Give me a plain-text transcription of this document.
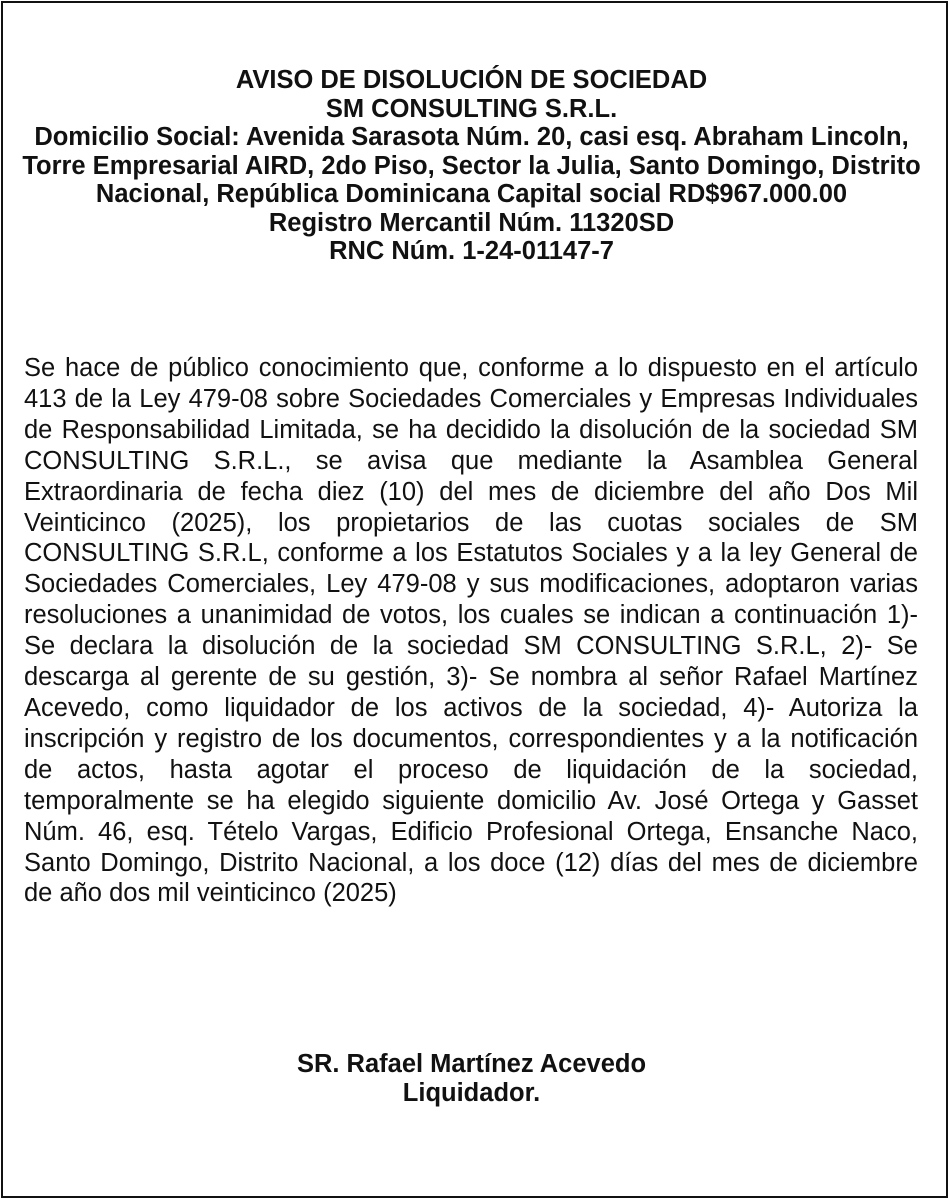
AVISO DE DISOLUCIÓN DE SOCIEDAD
SM CONSULTING S.R.L.
Domicilio Social: Avenida Sarasota Núm. 20, casi esq. Abraham Lincoln,
Torre Empresarial AIRD, 2do Piso, Sector la Julia, Santo Domingo, Distrito Nacional, República Dominicana Capital social RD$967.000.00
Registro Mercantil Núm. 11320SD
RNC Núm. 1-24-01147-7
Se hace de público conocimiento que, conforme a lo dispuesto en el artículo 413 de la Ley 479-08 sobre Sociedades Comerciales y Empresas Individuales de Responsabilidad Limitada, se ha decidido la disolución de la sociedad SM CONSULTING S.R.L., se avisa que mediante la Asamblea General Extraordinaria de fecha diez (10) del mes de diciembre del año Dos Mil Veinticinco (2025), los propietarios de las cuotas sociales de SM CONSULTING S.R.L, conforme a los Estatutos Sociales y a la ley General de Sociedades Comerciales, Ley 479-08 y sus modificaciones, adoptaron varias resoluciones a unanimidad de votos, los cuales se indican a continuación 1)- Se declara la disolución de la sociedad SM CONSULTING S.R.L, 2)- Se descarga al gerente de su gestión, 3)- Se nombra al señor Rafael Martínez Acevedo, como liquidador de los activos de la sociedad, 4)- Autoriza la inscripción y registro de los documentos, correspondientes y a la notificación de actos, hasta agotar el proceso de liquidación de la sociedad, temporalmente se ha elegido siguiente domicilio Av. José Ortega y Gasset Núm. 46, esq. Tételo Vargas, Edificio Profesional Ortega, Ensanche Naco, Santo Domingo, Distrito Nacional, a los doce (12) días del mes de diciembre de año dos mil veinticinco (2025)
SR. Rafael Martínez Acevedo
Liquidador.
